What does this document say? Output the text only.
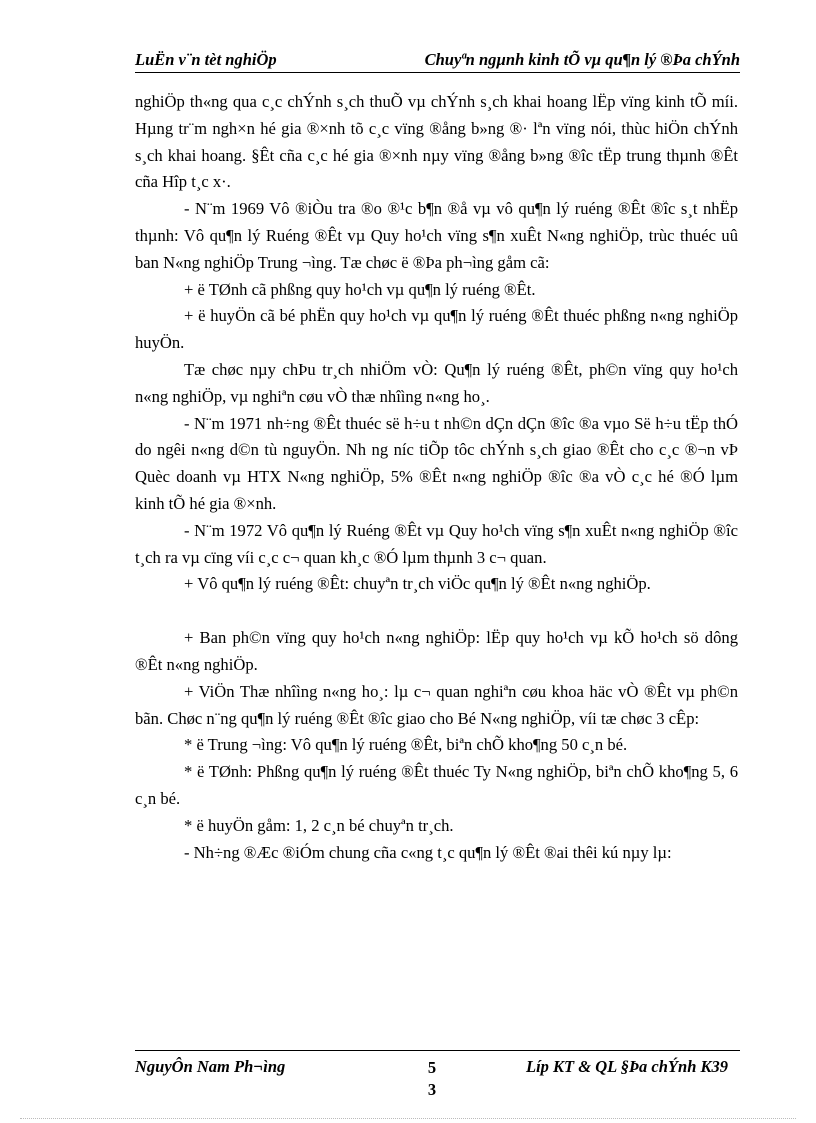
LuËn v¨n tèt nghiÖp	Chuyªn ngµnh kinh tÕ vµ qu¶n lý ®Þa chÝnh

nghiÖp th«ng qua c¸c chÝnh s¸ch thuÕ vµ chÝnh s¸ch khai hoang lËp vïng kinh tÕ míi. Hµng tr¨m ngh×n hé gia ®×nh tõ c¸c vïng ®ång b»ng ®· lªn vïng nói, thùc hiÖn chÝnh s¸ch khai hoang. §Êt cña c¸c hé gia ®×nh nµy vïng ®ång b»ng ®îc tËp trung thµnh ®Êt cña Hîp t¸c x·.

- N¨m 1969 Vô ®iÒu tra ®o ®¹c b¶n ®å vµ vô qu¶n lý ruéng ®Êt ®îc s¸t nhËp thµnh: Vô qu¶n lý Ruéng ®Êt vµ Quy ho¹ch vïng s¶n xuÊt N«ng nghiÖp, trùc thuéc uû ban N«ng nghiÖp Trung ¬ìng. Tæ chøc ë ®Þa ph¬ìng gåm cã:

+ ë TØnh cã phßng quy ho¹ch vµ qu¶n lý ruéng ®Êt.

+ ë huyÖn cã bé phËn quy ho¹ch vµ qu¶n lý ruéng ®Êt thuéc phßng n«ng nghiÖp huyÖn.

Tæ chøc nµy chÞu tr¸ch nhiÖm vÒ: Qu¶n lý ruéng ®Êt, ph©n vïng quy ho¹ch n«ng nghiÖp, vµ nghiªn cøu vÒ thæ nhîìng n«ng ho¸.

- N¨m 1971 nh÷ng ®Êt thuéc së h÷u t nh©n dÇn dÇn ®îc ®a vµo Së h÷u tËp thÓ do ngêi n«ng d©n tù nguyÖn. Nh ng níc tiÕp tôc chÝnh s¸ch giao ®Êt cho c¸c ®¬n vÞ Quèc doanh vµ HTX N«ng nghiÖp, 5% ®Êt n«ng nghiÖp ®îc ®a vÒ c¸c hé ®Ó lµm kinh tÕ hé gia ®×nh.

- N¨m 1972 Vô qu¶n lý Ruéng ®Êt vµ Quy ho¹ch vïng s¶n xuÊt n«ng nghiÖp ®îc t¸ch ra vµ cïng víi c¸c c¬ quan kh¸c ®Ó lµm thµnh 3 c¬ quan.

+ Vô qu¶n lý ruéng ®Êt: chuyªn tr¸ch viÖc qu¶n lý ®Êt n«ng nghiÖp.

+ Ban ph©n vïng quy ho¹ch n«ng nghiÖp: lËp quy ho¹ch vµ kÕ ho¹ch sö dông ®Êt n«ng nghiÖp.

+ ViÖn Thæ nhîìng n«ng ho¸: lµ c¬ quan nghiªn cøu khoa häc vÒ ®Êt vµ ph©n bãn. Chøc n¨ng qu¶n lý ruéng ®Êt ®îc giao cho Bé N«ng nghiÖp, víi tæ chøc 3 cÊp:

* ë Trung ¬ìng: Vô qu¶n lý ruéng ®Êt, biªn chÕ kho¶ng 50 c¸n bé.

* ë TØnh: Phßng qu¶n lý ruéng ®Êt thuéc Ty N«ng nghiÖp, biªn chÕ kho¶ng 5, 6 c¸n bé.

* ë huyÖn gåm: 1, 2 c¸n bé chuyªn tr¸ch.

- Nh÷ng ®Æc ®iÓm chung cña c«ng t¸c qu¶n lý ®Êt ®ai thêi kú nµy lµ:

NguyÔn Nam Ph¬ìng	5
3
Líp KT & QL §Þa chÝnh K39
